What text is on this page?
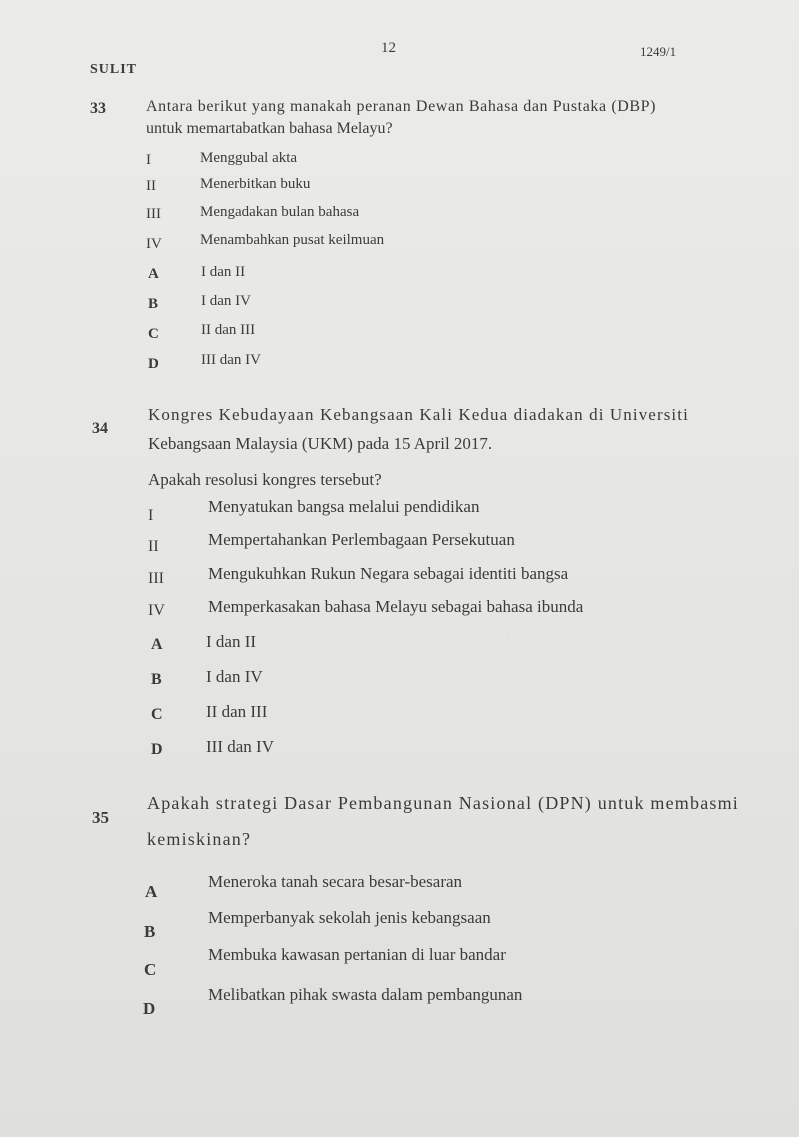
12	1249/1
SULIT
33	Antara berikut yang manakah peranan Dewan Bahasa dan Pustaka (DBP)
untuk memartabatkan bahasa Melayu?
I	Menggubal akta
II	Menerbitkan buku
III	Mengadakan bulan bahasa
IV	Menambahkan pusat keilmuan
A	I dan II
B	I dan IV
C	II dan III
D	III dan IV
34
Kongres Kebudayaan Kebangsaan Kali Kedua diadakan di Universiti
Kebangsaan Malaysia (UKM) pada 15 April 2017.
Apakah resolusi kongres tersebut?
I	Menyatukan bangsa melalui pendidikan
II	Mempertahankan Perlembagaan Persekutuan
III	Mengukuhkan Rukun Negara sebagai identiti bangsa
IV	Memperkasakan bahasa Melayu sebagai bahasa ibunda
A	I dan II
B	I dan IV
C	II dan III
D	III dan IV
35
Apakah strategi Dasar Pembangunan Nasional (DPN) untuk membasmi
kemiskinan?
A
Meneroka tanah secara besar-besaran
B
Memperbanyak sekolah jenis kebangsaan
C
Membuka kawasan pertanian di luar bandar
D
Melibatkan pihak swasta dalam pembangunan
